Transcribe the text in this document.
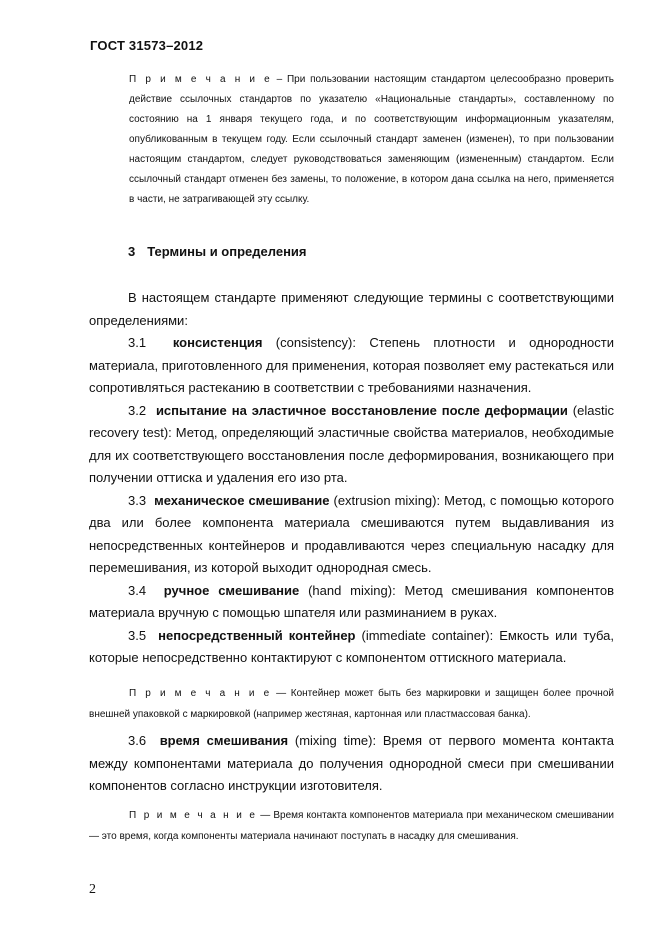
ГОСТ 31573–2012
П р и м е ч а н и е – При пользовании настоящим стандартом целесообразно проверить действие ссылочных стандартов по указателю «Национальные стандарты», составленному по состоянию на 1 января текущего года, и по соответствующим информационным указателям, опубликованным в текущем году. Если ссылочный стандарт заменен (изменен), то при пользовании настоящим стандартом, следует руководствоваться заменяющим (измененным) стандартом. Если ссылочный стандарт отменен без замены, то положение, в котором дана ссылка на него, применяется в части, не затрагивающей эту ссылку.
3 Термины и определения

В настоящем стандарте применяют следующие термины с соответствующими определениями:

3.1 консистенция (consistency): Степень плотности и однородности материала, приготовленного для применения, которая позволяет ему растекаться или сопротивляться растеканию в соответствии с требованиями назначения.

3.2 испытание на эластичное восстановление после деформации (elastic recovery test): Метод, определяющий эластичные свойства материалов, необходимые для их соответствующего восстановления после деформирования, возникающего при получении оттиска и удаления его изо рта.

3.3 механическое смешивание (extrusion mixing): Метод, с помощью которого два или более компонента материала смешиваются путем выдавливания из непосредственных контейнеров и продавливаются через специальную насадку для перемешивания, из которой выходит однородная смесь.

3.4 ручное смешивание (hand mixing): Метод смешивания компонентов материала вручную с помощью шпателя или разминанием в руках.

3.5 непосредственный контейнер (immediate container): Емкость или туба, которые непосредственно контактируют с компонентом оттискного материала.

П р и м е ч а н и е — Контейнер может быть без маркировки и защищен более прочной внешней упаковкой с маркировкой (например жестяная, картонная или пластмассовая банка).

3.6 время смешивания (mixing time): Время от первого момента контакта между компонентами материала до получения однородной смеси при смешивании компонентов согласно инструкции изготовителя.

П р и м е ч а н и е — Время контакта компонентов материала при механическом смешивании — это время, когда компоненты материала начинают поступать в насадку для смешивания.
2
